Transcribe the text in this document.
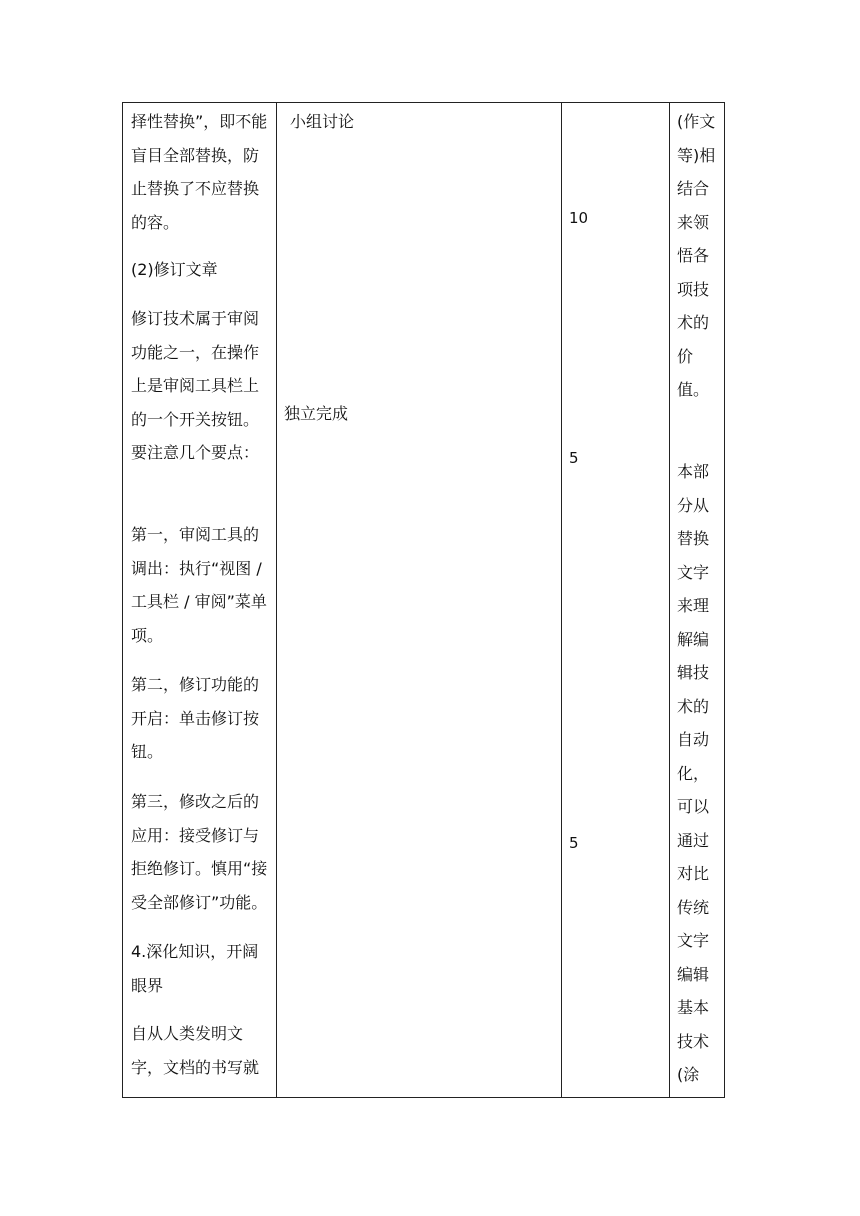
择性替换”，即不能盲目全部替换，防止替换了不应替换的容。
(2)修订文章
修订技术属于审阅功能之一，在操作上是审阅工具栏上的一个开关按钮。要注意几个要点：
第一，审阅工具的调出：执行“视图 / 工具栏 / 审阅”菜单项。
第二，修订功能的开启：单击修订按钮。
第三，修改之后的应用：接受修订与拒绝修订。慎用“接受全部修订”功能。
4.深化知识，开阔眼界
自从人类发明文字，文档的书写就
小组讨论
独立完成
10
5
5
(作文等)相结合来领悟各项技术的价值。
本部分从替换文字来理解编辑技术的自动化，可以通过对比传统文字编辑基本技术(涂
